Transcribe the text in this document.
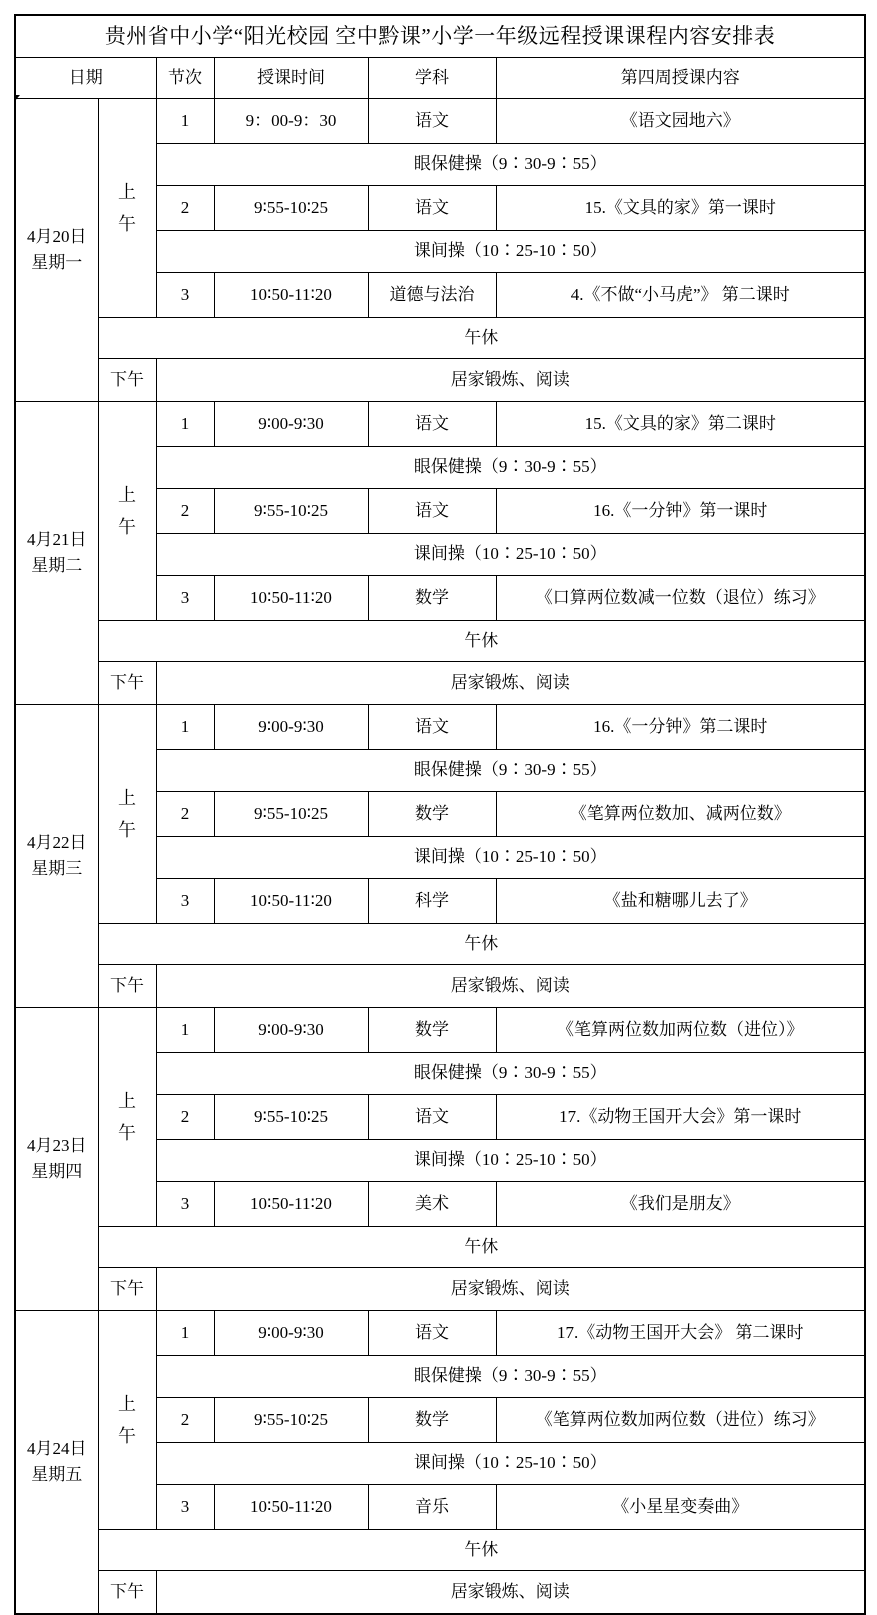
贵州省中小学“阳光校园 空中黔课”小学一年级远程授课课程内容安排表					
日期		节次	授课时间	学科	第四周授课内容

4月20日
星期一	上午	1	9：00-9：30	语文	《语文园地六》
		眼保健操（9∶30-9∶55）			
		2	9∶55-10∶25	语文	15.《文具的家》第一课时
		课间操（10∶25-10∶50）			
		3	10∶50-11∶20	道德与法治	4.《不做“小马虎”》 第二课时
	午休				
	下午	居家锻炼、阅读			

4月21日
星期二	上午	1	9∶00-9∶30	语文	15.《文具的家》第二课时
		眼保健操（9∶30-9∶55）			
		2	9∶55-10∶25	语文	16.《一分钟》第一课时
		课间操（10∶25-10∶50）			
		3	10∶50-11∶20	数学	《口算两位数减一位数（退位）练习》
	午休				
	下午	居家锻炼、阅读			

4月22日
星期三	上午	1	9∶00-9∶30	语文	16.《一分钟》第二课时
		眼保健操（9∶30-9∶55）			
		2	9∶55-10∶25	数学	《笔算两位数加、减两位数》
		课间操（10∶25-10∶50）			
		3	10∶50-11∶20	科学	《盐和糖哪儿去了》
	午休				
	下午	居家锻炼、阅读			

4月23日
星期四	上午	1	9∶00-9∶30	数学	《笔算两位数加两位数（进位）》
		眼保健操（9∶30-9∶55）			
		2	9∶55-10∶25	语文	17.《动物王国开大会》第一课时
		课间操（10∶25-10∶50）			
		3	10∶50-11∶20	美术	《我们是朋友》
	午休				
	下午	居家锻炼、阅读			

4月24日
星期五	上午	1	9∶00-9∶30	语文	17.《动物王国开大会》 第二课时
		眼保健操（9∶30-9∶55）			
		2	9∶55-10∶25	数学	《笔算两位数加两位数（进位）练习》
		课间操（10∶25-10∶50）			
		3	10∶50-11∶20	音乐	《小星星变奏曲》
	午休				
	下午	居家锻炼、阅读			
